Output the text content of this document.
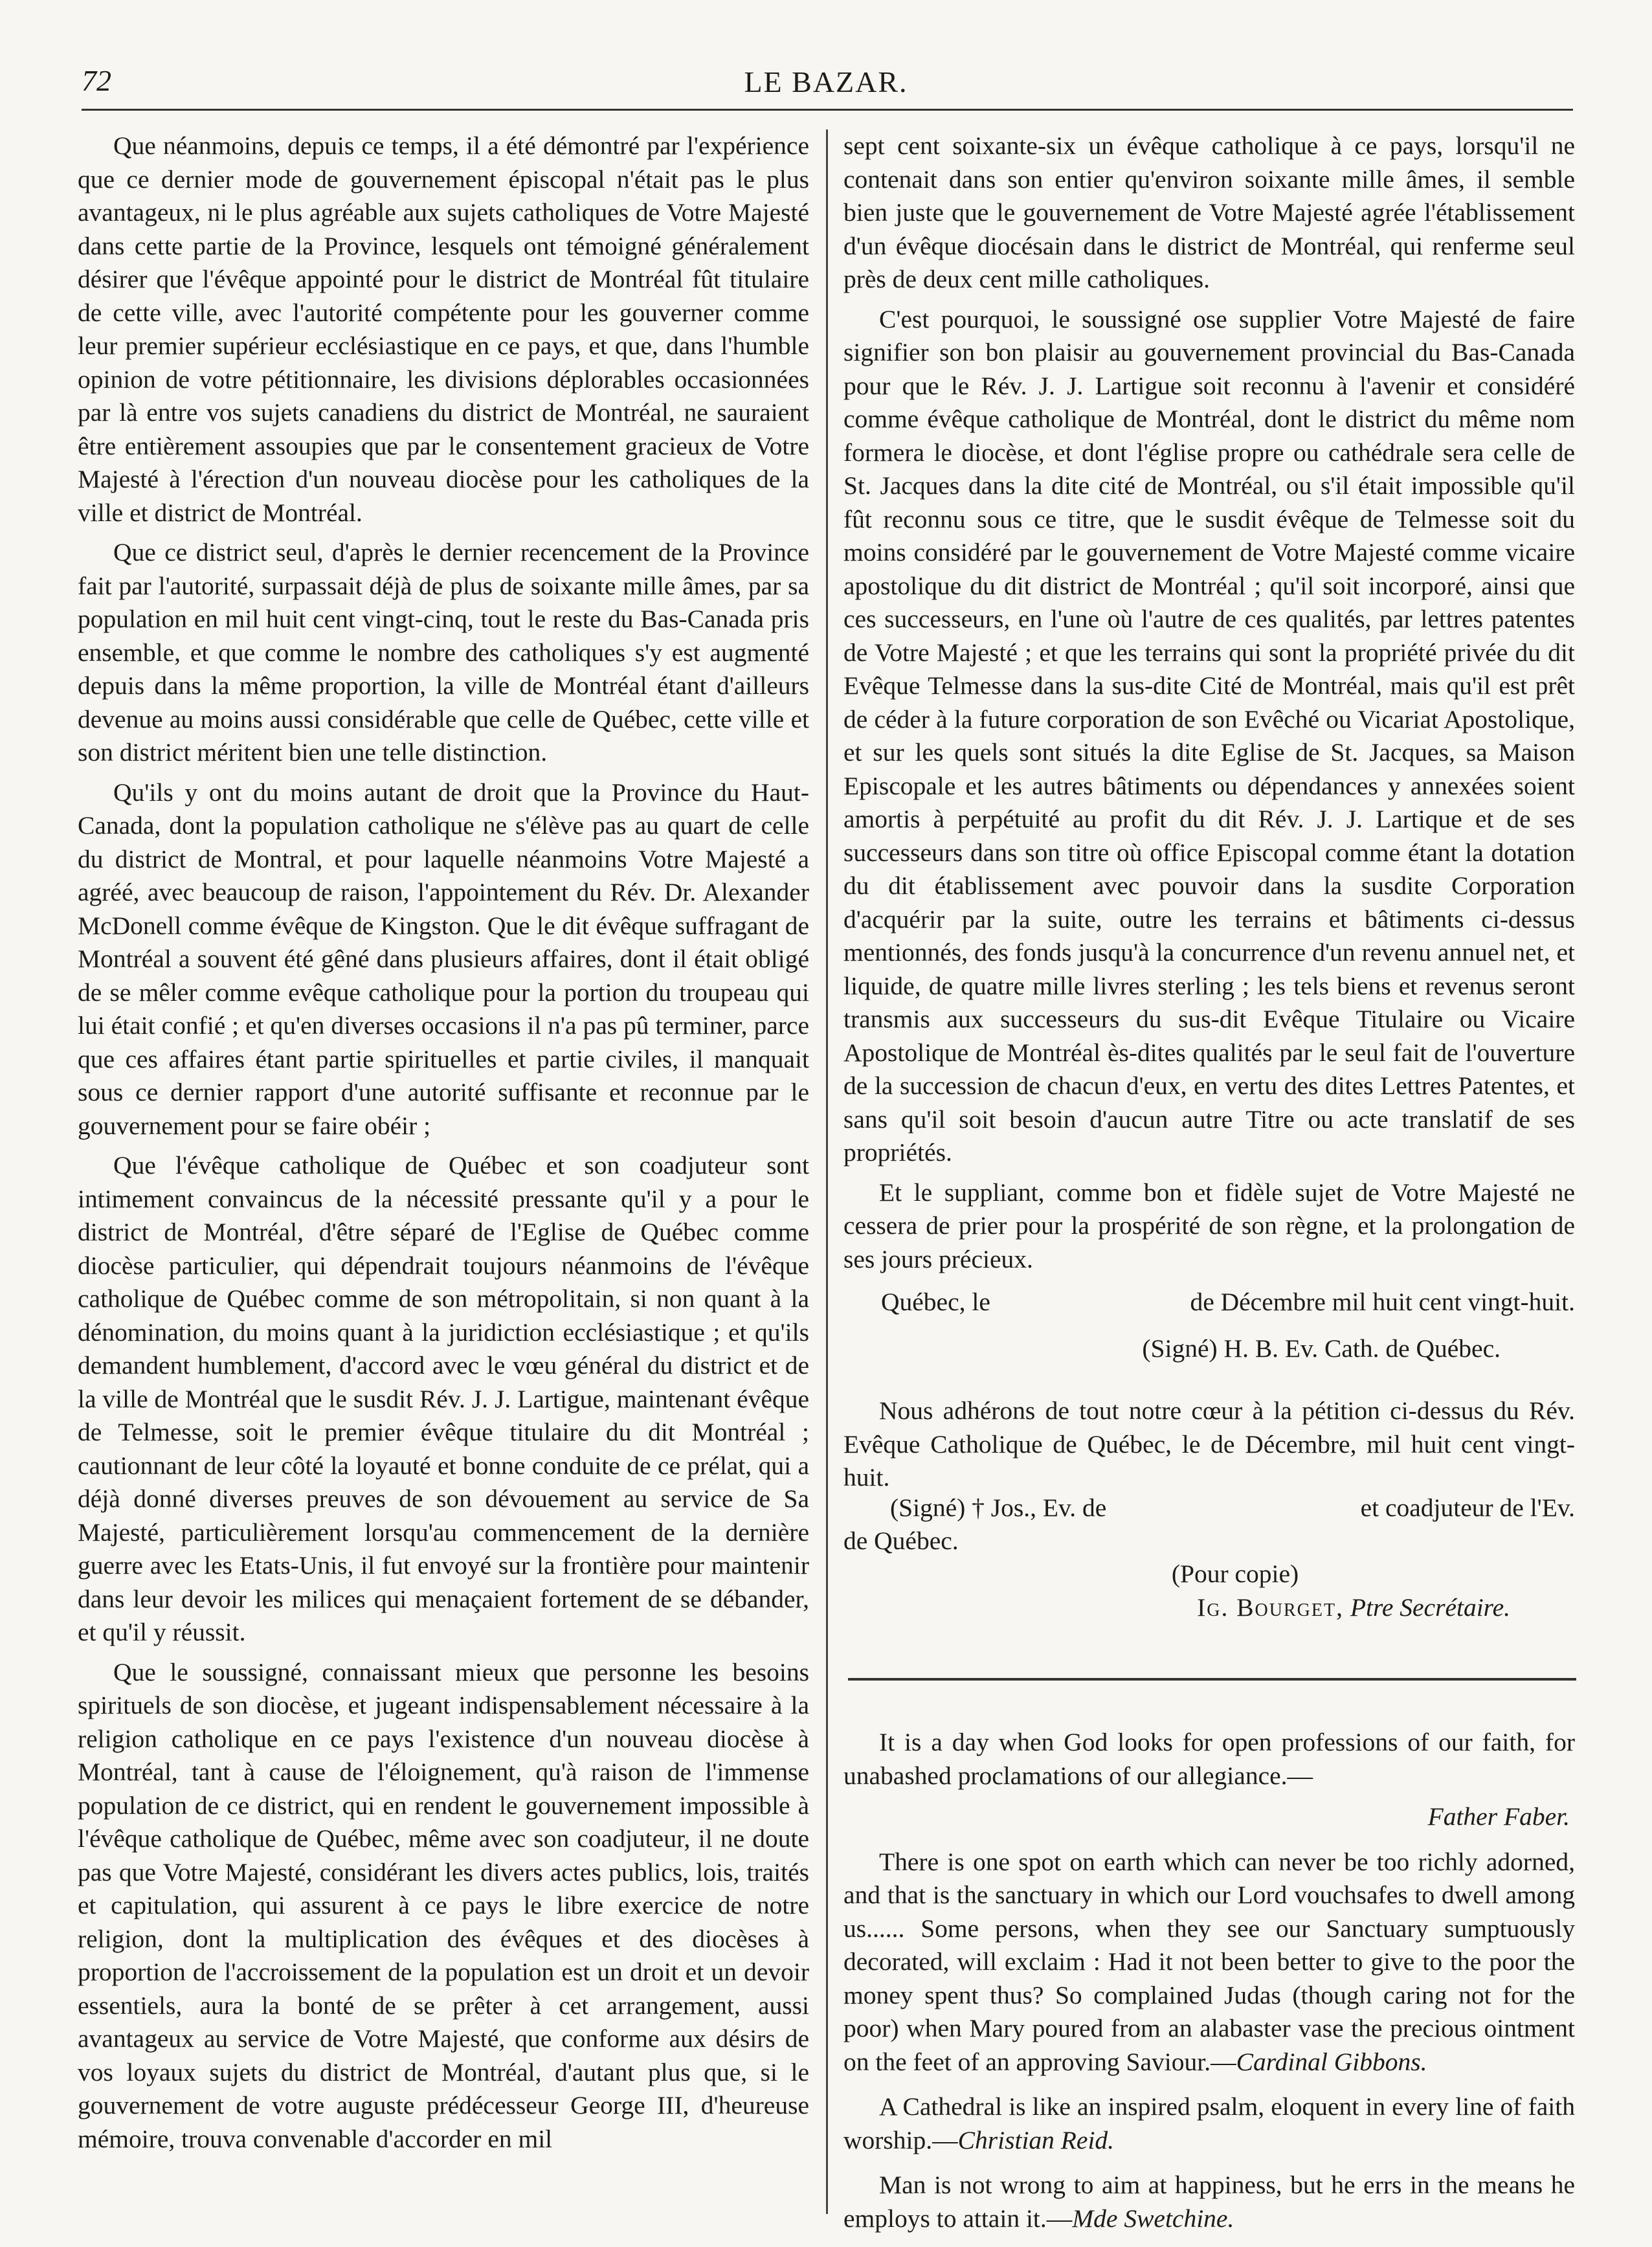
72	LE BAZAR.

Que néanmoins, depuis ce temps, il a été démontré par l'expérience que ce dernier mode de gouvernement épiscopal n'était pas le plus avantageux, ni le plus agréable aux sujets catholiques de Votre Majesté dans cette partie de la Province, lesquels ont témoigné généralement désirer que l'évêque appointé pour le district de Montréal fût titulaire de cette ville, avec l'autorité compétente pour les gouverner comme leur premier supérieur ecclésiastique en ce pays, et que, dans l'humble opinion de votre pétitionnaire, les divisions déplorables occasionnées par là entre vos sujets canadiens du district de Montréal, ne sauraient être entièrement assoupies que par le consentement gracieux de Votre Majesté à l'érection d'un nouveau diocèse pour les catholiques de la ville et district de Montréal.

Que ce district seul, d'après le dernier recencement de la Province fait par l'autorité, surpassait déjà de plus de soixante mille âmes, par sa population en mil huit cent vingt-cinq, tout le reste du Bas-Canada pris ensemble, et que comme le nombre des catholiques s'y est augmenté depuis dans la même proportion, la ville de Montréal étant d'ailleurs devenue au moins aussi considérable que celle de Québec, cette ville et son district méritent bien une telle distinction.

Qu'ils y ont du moins autant de droit que la Province du Haut-Canada, dont la population catholique ne s'élève pas au quart de celle du district de Montral, et pour laquelle néanmoins Votre Majesté a agréé, avec beaucoup de raison, l'appointement du Rév. Dr. Alexander McDonell comme évêque de Kingston. Que le dit évêque suffragant de Montréal a souvent été gêné dans plusieurs affaires, dont il était obligé de se mêler comme evêque catholique pour la portion du troupeau qui lui était confié ; et qu'en diverses occasions il n'a pas pû terminer, parce que ces affaires étant partie spirituelles et partie civiles, il manquait sous ce dernier rapport d'une autorité suffisante et reconnue par le gouvernement pour se faire obéir ;

Que l'évêque catholique de Québec et son coadjuteur sont intimement convaincus de la nécessité pressante qu'il y a pour le district de Montréal, d'être séparé de l'Eglise de Québec comme diocèse particulier, qui dépendrait toujours néanmoins de l'évêque catholique de Québec comme de son métropolitain, si non quant à la dénomination, du moins quant à la juridiction ecclésiastique ; et qu'ils demandent humblement, d'accord avec le vœu général du district et de la ville de Montréal que le susdit Rév. J. J. Lartigue, maintenant évêque de Telmesse, soit le premier évêque titulaire du dit Montréal ; cautionnant de leur côté la loyauté et bonne conduite de ce prélat, qui a déjà donné diverses preuves de son dévouement au service de Sa Majesté, particulièrement lorsqu'au commencement de la dernière guerre avec les Etats-Unis, il fut envoyé sur la frontière pour maintenir dans leur devoir les milices qui menaçaient fortement de se débander, et qu'il y réussit.

Que le soussigné, connaissant mieux que personne les besoins spirituels de son diocèse, et jugeant indispensablement nécessaire à la religion catholique en ce pays l'existence d'un nouveau diocèse à Montréal, tant à cause de l'éloignement, qu'à raison de l'immense population de ce district, qui en rendent le gouvernement impossible à l'évêque catholique de Québec, même avec son coadjuteur, il ne doute pas que Votre Majesté, considérant les divers actes publics, lois, traités et capitulation, qui assurent à ce pays le libre exercice de notre religion, dont la multiplication des évêques et des diocèses à proportion de l'accroissement de la population est un droit et un devoir essentiels, aura la bonté de se prêter à cet arrangement, aussi avantageux au service de Votre Majesté, que conforme aux désirs de vos loyaux sujets du district de Montréal, d'autant plus que, si le gouvernement de votre auguste prédécesseur George III, d'heureuse mémoire, trouva convenable d'accorder en mil

sept cent soixante-six un évêque catholique à ce pays, lorsqu'il ne contenait dans son entier qu'environ soixante mille âmes, il semble bien juste que le gouvernement de Votre Majesté agrée l'établissement d'un évêque diocésain dans le district de Montréal, qui renferme seul près de deux cent mille catholiques.

C'est pourquoi, le soussigné ose supplier Votre Majesté de faire signifier son bon plaisir au gouvernement provincial du Bas-Canada pour que le Rév. J. J. Lartigue soit reconnu à l'avenir et considéré comme évêque catholique de Montréal, dont le district du même nom formera le diocèse, et dont l'église propre ou cathédrale sera celle de St. Jacques dans la dite cité de Montréal, ou s'il était impossible qu'il fût reconnu sous ce titre, que le susdit évêque de Telmesse soit du moins considéré par le gouvernement de Votre Majesté comme vicaire apostolique du dit district de Montréal ; qu'il soit incorporé, ainsi que ces successeurs, en l'une où l'autre de ces qualités, par lettres patentes de Votre Majesté ; et que les terrains qui sont la propriété privée du dit Evêque Telmesse dans la sus-dite Cité de Montréal, mais qu'il est prêt de céder à la future corporation de son Evêché ou Vicariat Apostolique, et sur les quels sont situés la dite Eglise de St. Jacques, sa Maison Episcopale et les autres bâtiments ou dépendances y annexées soient amortis à perpétuité au profit du dit Rév. J. J. Lartique et de ses successeurs dans son titre où office Episcopal comme étant la dotation du dit établissement avec pouvoir dans la susdite Corporation d'acquérir par la suite, outre les terrains et bâtiments ci-dessus mentionnés, des fonds jusqu'à la concurrence d'un revenu annuel net, et liquide, de quatre mille livres sterling ; les tels biens et revenus seront transmis aux successeurs du sus-dit Evêque Titulaire ou Vicaire Apostolique de Montréal ès-dites qualités par le seul fait de l'ouverture de la succession de chacun d'eux, en vertu des dites Lettres Patentes, et sans qu'il soit besoin d'aucun autre Titre ou acte translatif de ses propriétés.

Et le suppliant, comme bon et fidèle sujet de Votre Majesté ne cessera de prier pour la prospérité de son règne, et la prolongation de ses jours précieux.

Québec, le	de Décembre mil huit cent vingt-huit.
(Signé) H. B. Ev. Cath. de Québec.

Nous adhérons de tout notre cœur à la pétition ci-dessus du Rév. Evêque Catholique de Québec, le de Décembre, mil huit cent vingt-huit.

(Signé) † Jos., Ev. de	et coadjuteur de l'Ev.
de Québec.
(Pour copie)
Ig. Bourget, Ptre Secrétaire.

It is a day when God looks for open professions of our faith, for unabashed proclamations of our allegiance.—

Father Faber.

There is one spot on earth which can never be too richly adorned, and that is the sanctuary in which our Lord vouchsafes to dwell among us...... Some persons, when they see our Sanctuary sumptuously decorated, will exclaim : Had it not been better to give to the poor the money spent thus? So complained Judas (though caring not for the poor) when Mary poured from an alabaster vase the precious ointment on the feet of an approving Saviour.—Cardinal Gibbons.

A Cathedral is like an inspired psalm, eloquent in every line of faith worship.—Christian Reid.

Man is not wrong to aim at happiness, but he errs in the means he employs to attain it.—Mde Swetchine.
